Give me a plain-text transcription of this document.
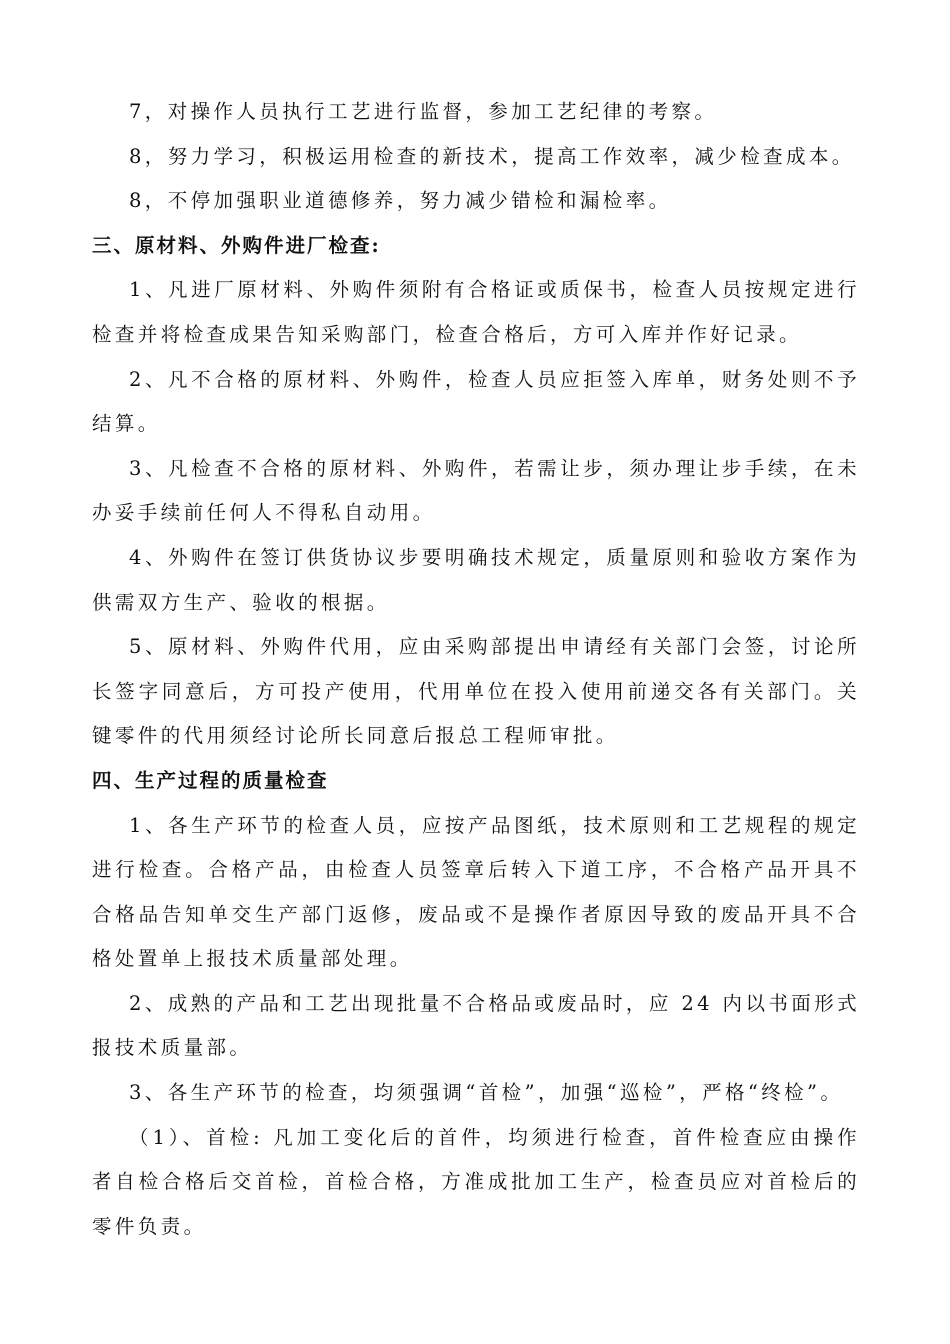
7，对操作人员执行工艺进行监督，参加工艺纪律的考察。

8，努力学习，积极运用检查的新技术，提高工作效率，减少检查成本。

8，不停加强职业道德修养，努力减少错检和漏检率。

三、原材料、外购件进厂检查:

1、凡进厂原材料、外购件须附有合格证或质保书，检查人员按规定进行检查并将检查成果告知采购部门，检查合格后，方可入库并作好记录。

2、凡不合格的原材料、外购件，检查人员应拒签入库单，财务处则不予结算。

3、凡检查不合格的原材料、外购件，若需让步，须办理让步手续，在未办妥手续前任何人不得私自动用。

4、外购件在签订供货协议步要明确技术规定，质量原则和验收方案作为供需双方生产、验收的根据。

5、原材料、外购件代用，应由采购部提出申请经有关部门会签，讨论所长签字同意后，方可投产使用，代用单位在投入使用前递交各有关部门。关键零件的代用须经讨论所长同意后报总工程师审批。

四、生产过程的质量检查

1、各生产环节的检查人员，应按产品图纸，技术原则和工艺规程的规定进行检查。合格产品，由检查人员签章后转入下道工序，不合格产品开具不合格品告知单交生产部门返修，废品或不是操作者原因导致的废品开具不合格处置单上报技术质量部处理。

2、成熟的产品和工艺出现批量不合格品或废品时，应 24 内以书面形式报技术质量部。

3、各生产环节的检查，均须强调“首检”，加强“巡检”，严格“终检”。

（1）、首检: 凡加工变化后的首件，均须进行检查，首件检查应由操作者自检合格后交首检，首检合格，方准成批加工生产，检查员应对首检后的零件负责。
